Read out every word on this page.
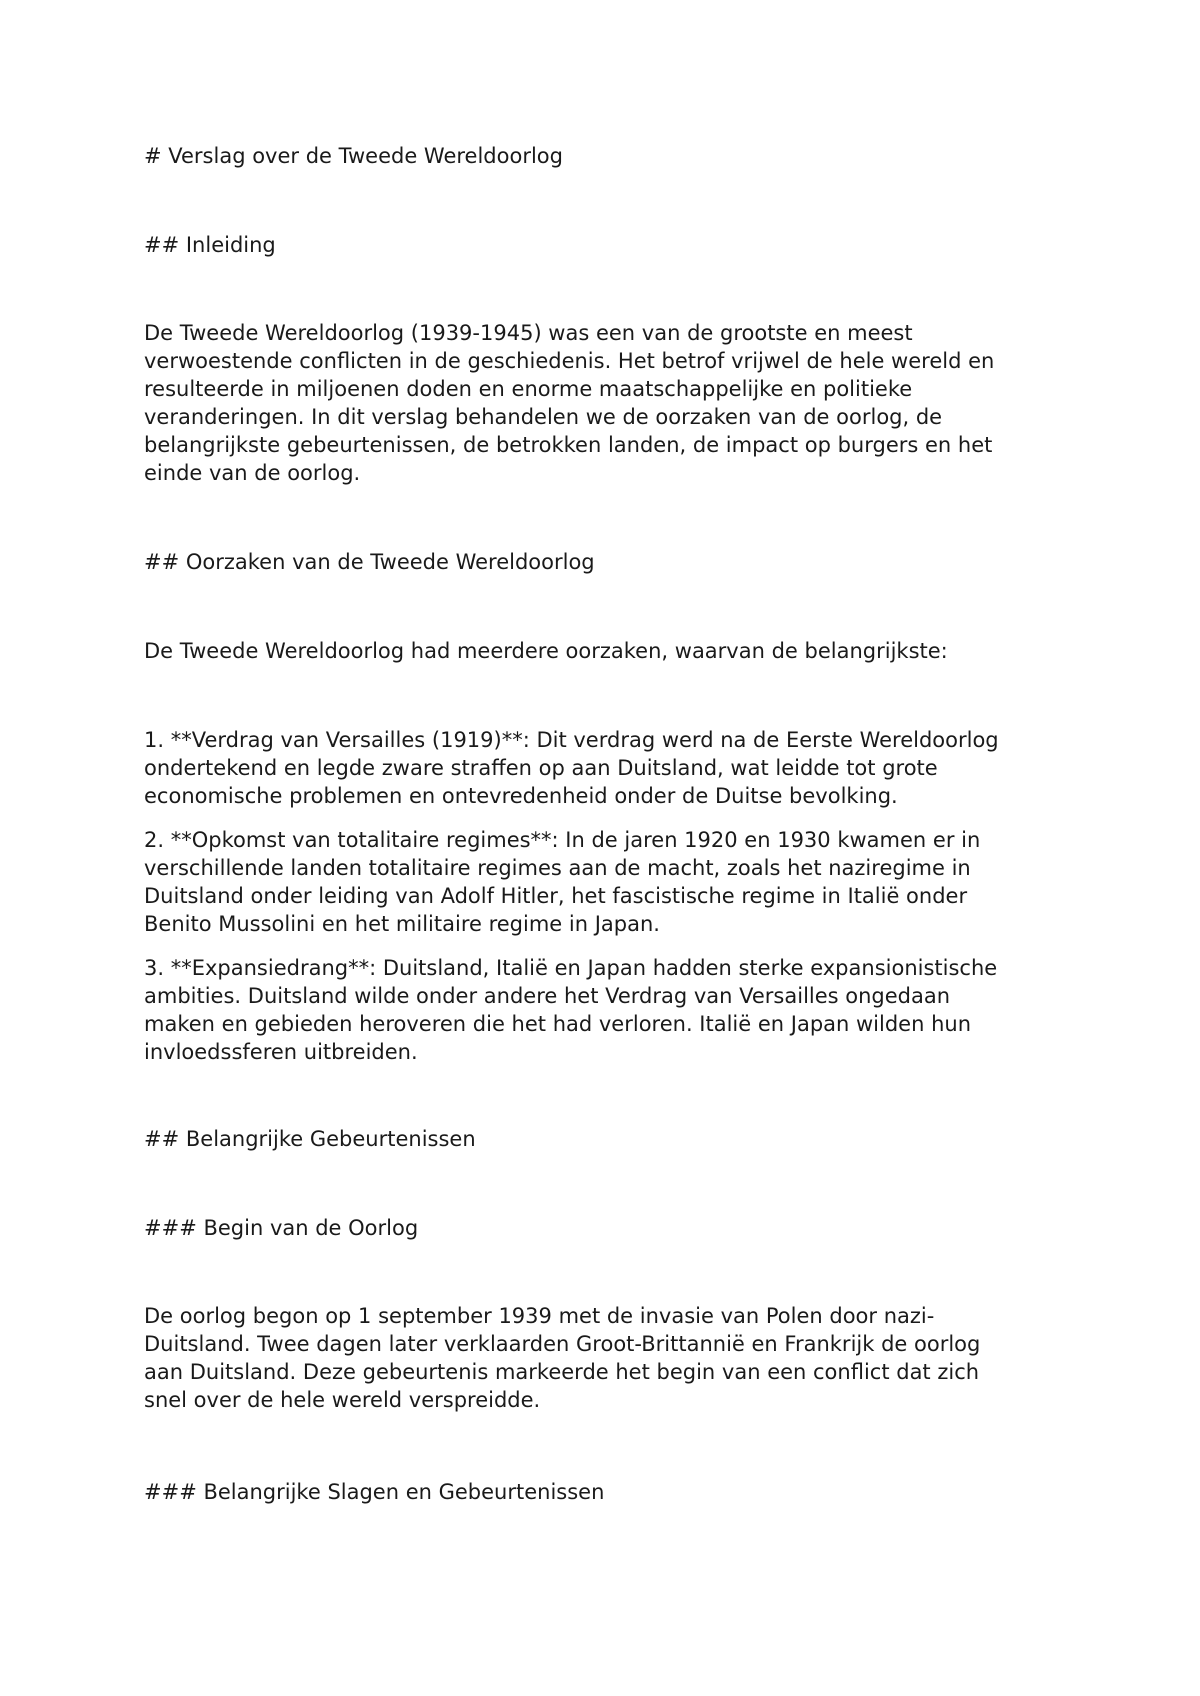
# Verslag over de Tweede Wereldoorlog

## Inleiding

De Tweede Wereldoorlog (1939-1945) was een van de grootste en meest
verwoestende conflicten in de geschiedenis. Het betrof vrijwel de hele wereld en
resulteerde in miljoenen doden en enorme maatschappelijke en politieke
veranderingen. In dit verslag behandelen we de oorzaken van de oorlog, de
belangrijkste gebeurtenissen, de betrokken landen, de impact op burgers en het
einde van de oorlog.

## Oorzaken van de Tweede Wereldoorlog

De Tweede Wereldoorlog had meerdere oorzaken, waarvan de belangrijkste:

1. **Verdrag van Versailles (1919)**: Dit verdrag werd na de Eerste Wereldoorlog
ondertekend en legde zware straffen op aan Duitsland, wat leidde tot grote
economische problemen en ontevredenheid onder de Duitse bevolking.

2. **Opkomst van totalitaire regimes**: In de jaren 1920 en 1930 kwamen er in
verschillende landen totalitaire regimes aan de macht, zoals het naziregime in
Duitsland onder leiding van Adolf Hitler, het fascistische regime in Italië onder
Benito Mussolini en het militaire regime in Japan.

3. **Expansiedrang**: Duitsland, Italië en Japan hadden sterke expansionistische
ambities. Duitsland wilde onder andere het Verdrag van Versailles ongedaan
maken en gebieden heroveren die het had verloren. Italië en Japan wilden hun
invloedssferen uitbreiden.

## Belangrijke Gebeurtenissen

### Begin van de Oorlog

De oorlog begon op 1 september 1939 met de invasie van Polen door nazi-
Duitsland. Twee dagen later verklaarden Groot-Brittannië en Frankrijk de oorlog
aan Duitsland. Deze gebeurtenis markeerde het begin van een conflict dat zich
snel over de hele wereld verspreidde.

### Belangrijke Slagen en Gebeurtenissen
